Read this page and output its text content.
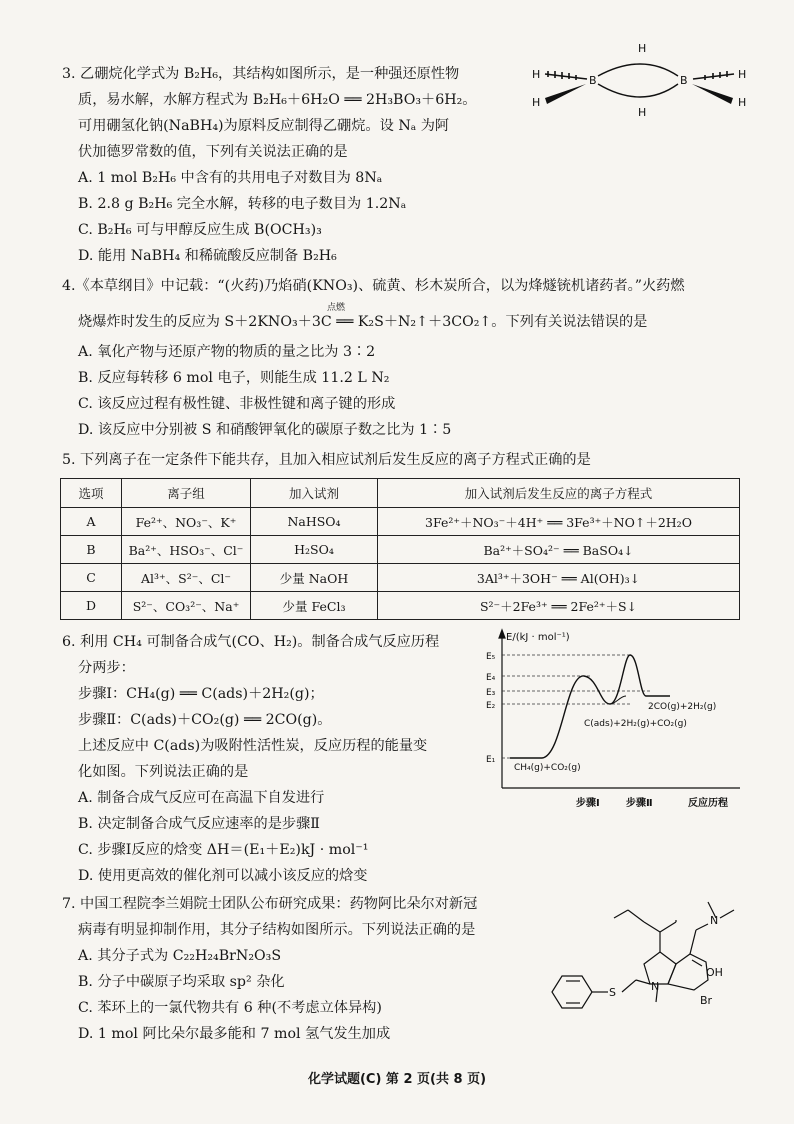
3. 乙硼烷化学式为 B₂H₆，其结构如图所示，是一种强还原性物
质，易水解，水解方程式为 B₂H₆＋6H₂O ══ 2H₃BO₃＋6H₂。
可用硼氢化钠(NaBH₄)为原料反应制得乙硼烷。设 Nₐ 为阿
伏加德罗常数的值，下列有关说法正确的是
A. 1 mol B₂H₆ 中含有的共用电子对数目为 8Nₐ
B. 2.8 g B₂H₆ 完全水解，转移的电子数目为 1.2Nₐ
C. B₂H₆ 可与甲醇反应生成 B(OCH₃)₃
D. 能用 NaBH₄ 和稀硫酸反应制备 B₂H₆
H
H
B	B
H
H
H
H
4.《本草纲目》中记载：“(火药)乃焰硝(KNO₃)、硫黄、杉木炭所合，以为烽燧铳机诸药者。”火药燃
点燃
烧爆炸时发生的反应为 S＋2KNO₃＋3C ══ K₂S＋N₂↑＋3CO₂↑。下列有关说法错误的是
A. 氧化产物与还原产物的物质的量之比为 3∶2
B. 反应每转移 6 mol 电子，则能生成 11.2 L N₂
C. 该反应过程有极性键、非极性键和离子键的形成
D. 该反应中分别被 S 和硝酸钾氧化的碳原子数之比为 1∶5
5. 下列离子在一定条件下能共存，且加入相应试剂后发生反应的离子方程式正确的是
选项	离子组	加入试剂	加入试剂后发生反应的离子方程式
A	Fe²⁺、NO₃⁻、K⁺	NaHSO₄	3Fe²⁺＋NO₃⁻＋4H⁺ ══ 3Fe³⁺＋NO↑＋2H₂O
B	Ba²⁺、HSO₃⁻、Cl⁻	H₂SO₄	Ba²⁺＋SO₄²⁻ ══ BaSO₄↓
C	Al³⁺、S²⁻、Cl⁻	少量 NaOH	3Al³⁺＋3OH⁻ ══ Al(OH)₃↓
D	S²⁻、CO₃²⁻、Na⁺	少量 FeCl₃	S²⁻＋2Fe³⁺ ══ 2Fe²⁺＋S↓
6. 利用 CH₄ 可制备合成气(CO、H₂)。制备合成气反应历程
分两步：
步骤Ⅰ：CH₄(g) ══ C(ads)＋2H₂(g)；
步骤Ⅱ：C(ads)＋CO₂(g) ══ 2CO(g)。
上述反应中 C(ads)为吸附性活性炭，反应历程的能量变
化如图。下列说法正确的是
A. 制备合成气反应可在高温下自发进行
B. 决定制备合成气反应速率的是步骤Ⅱ
C. 步骤Ⅰ反应的焓变 ΔH＝(E₁＋E₂)kJ · mol⁻¹
D. 使用更高效的催化剂可以减小该反应的焓变
E/(kJ · mol⁻¹)
E₅
E₄
E₃
E₂
E₁
2CO(g)+2H₂(g)
C(ads)+2H₂(g)+CO₂(g)
CH₄(g)+CO₂(g)
步骤Ⅰ	步骤Ⅱ	反应历程
7. 中国工程院李兰娟院士团队公布研究成果：药物阿比朵尔对新冠
病毒有明显抑制作用，其分子结构如图所示。下列说法正确的是
A. 其分子式为 C₂₂H₂₄BrN₂O₃S
B. 分子中碳原子均采取 sp² 杂化
C. 苯环上的一氯代物共有 6 种(不考虑立体异构)
D. 1 mol 阿比朵尔最多能和 7 mol 氢气发生加成
S	N
N
OH
Br
化学试题(C) 第 2 页(共 8 页)
